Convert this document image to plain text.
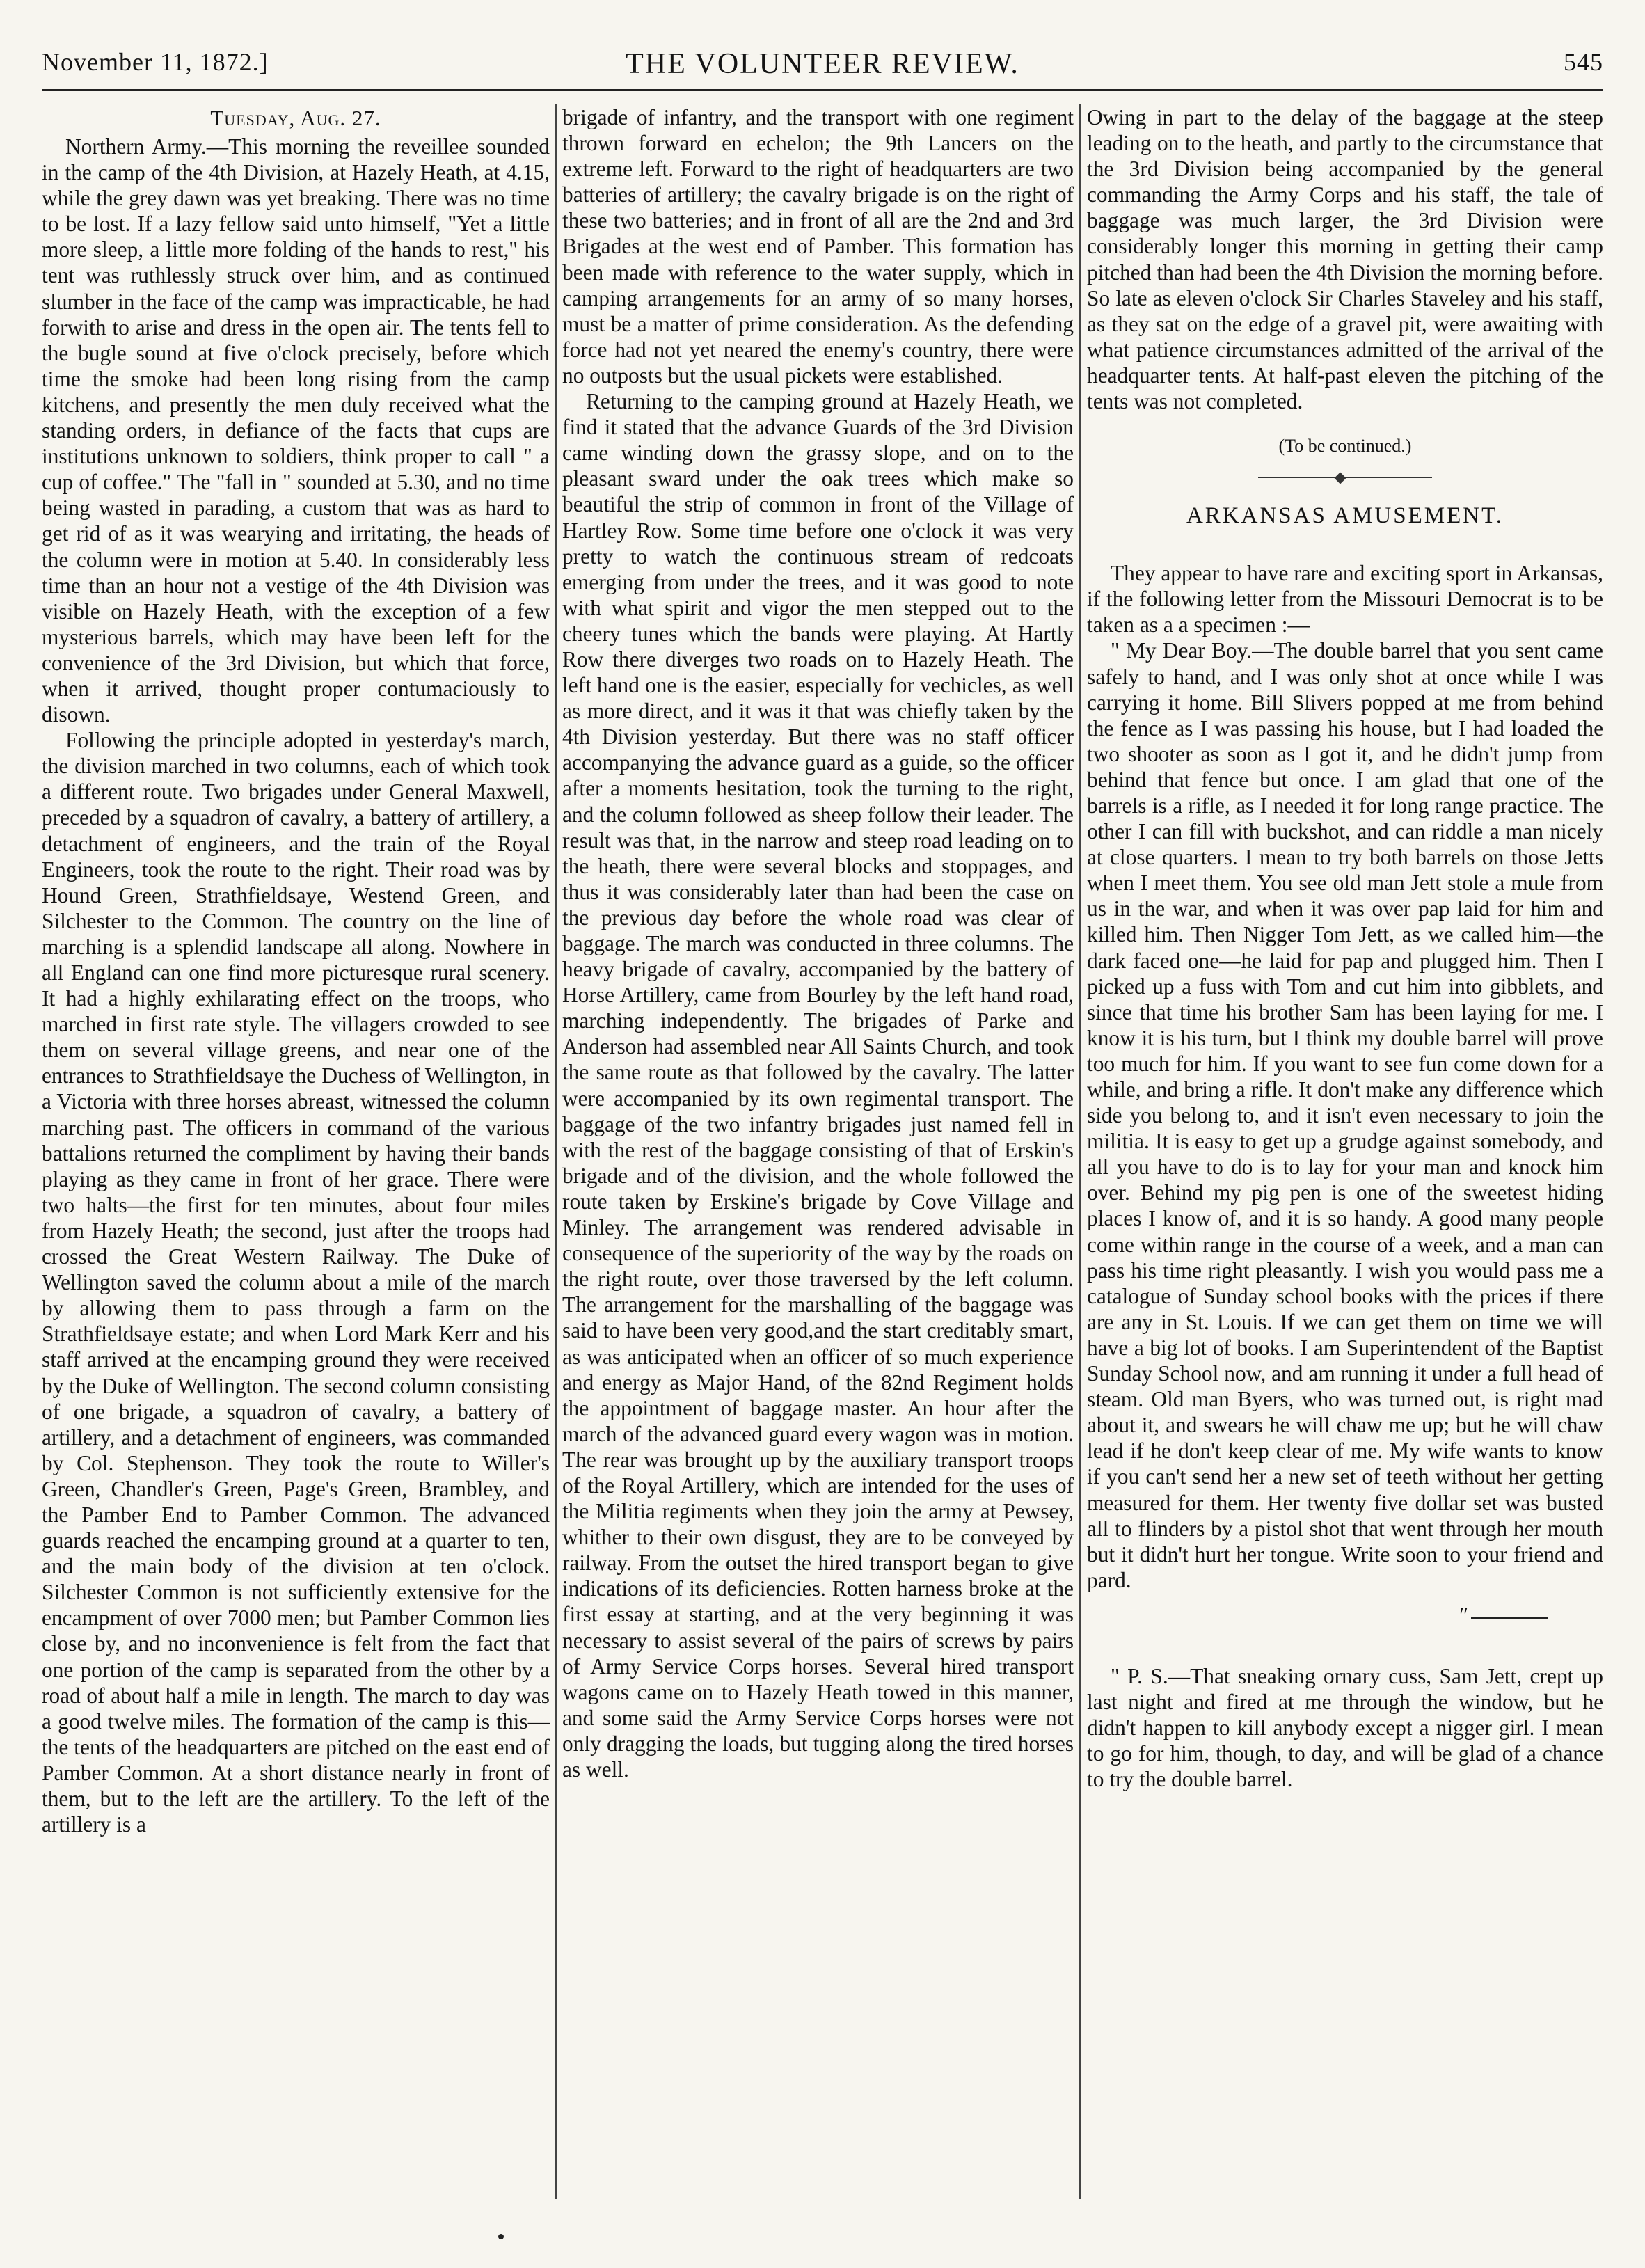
November 11, 1872.]	THE VOLUNTEER REVIEW.	545
Tuesday, Aug. 27.

Northern Army.—This morning the reveillee sounded in the camp of the 4th Division, at Hazely Heath, at 4.15, while the grey dawn was yet breaking. There was no time to be lost. If a lazy fellow said unto himself, "Yet a little more sleep, a little more folding of the hands to rest," his tent was ruthlessly struck over him, and as continued slumber in the face of the camp was impracticable, he had forwith to arise and dress in the open air. The tents fell to the bugle sound at five o'clock precisely, before which time the smoke had been long rising from the camp kitchens, and presently the men duly received what the standing orders, in defiance of the facts that cups are institutions unknown to soldiers, think proper to call " a cup of coffee." The "fall in " sounded at 5.30, and no time being wasted in parading, a custom that was as hard to get rid of as it was wearying and irritating, the heads of the column were in motion at 5.40. In considerably less time than an hour not a vestige of the 4th Division was visible on Hazely Heath, with the exception of a few mysterious barrels, which may have been left for the convenience of the 3rd Division, but which that force, when it arrived, thought proper contumaciously to disown.

Following the principle adopted in yesterday's march, the division marched in two columns, each of which took a different route. Two brigades under General Maxwell, preceded by a squadron of cavalry, a battery of artillery, a detachment of engineers, and the train of the Royal Engineers, took the route to the right. Their road was by Hound Green, Strathfieldsaye, Westend Green, and Silchester to the Common. The country on the line of marching is a splendid landscape all along. Nowhere in all England can one find more picturesque rural scenery. It had a highly exhilarating effect on the troops, who marched in first rate style. The villagers crowded to see them on several village greens, and near one of the entrances to Strathfieldsaye the Duchess of Wellington, in a Victoria with three horses abreast, witnessed the column marching past. The officers in command of the various battalions returned the compliment by having their bands playing as they came in front of her grace. There were two halts—the first for ten minutes, about four miles from Hazely Heath; the second, just after the troops had crossed the Great Western Railway. The Duke of Wellington saved the column about a mile of the march by allowing them to pass through a farm on the Strathfieldsaye estate; and when Lord Mark Kerr and his staff arrived at the encamping ground they were received by the Duke of Wellington. The second column consisting of one brigade, a squadron of cavalry, a battery of artillery, and a detachment of engineers, was commanded by Col. Stephenson. They took the route to Willer's Green, Chandler's Green, Page's Green, Brambley, and the Pamber End to Pamber Common. The advanced guards reached the encamping ground at a quarter to ten, and the main body of the division at ten o'clock. Silchester Common is not sufficiently extensive for the encampment of over 7000 men; but Pamber Common lies close by, and no inconvenience is felt from the fact that one portion of the camp is separated from the other by a road of about half a mile in length. The march to day was a good twelve miles. The formation of the camp is this—the tents of the headquarters are pitched on the east end of Pamber Common. At a short distance nearly in front of them, but to the left are the artillery. To the left of the artillery is a

brigade of infantry, and the transport with one regiment thrown forward en echelon; the 9th Lancers on the extreme left. Forward to the right of headquarters are two batteries of artillery; the cavalry brigade is on the right of these two batteries; and in front of all are the 2nd and 3rd Brigades at the west end of Pamber. This formation has been made with reference to the water supply, which in camping arrangements for an army of so many horses, must be a matter of prime consideration. As the defending force had not yet neared the enemy's country, there were no outposts but the usual pickets were established.

Returning to the camping ground at Hazely Heath, we find it stated that the advance Guards of the 3rd Division came winding down the grassy slope, and on to the pleasant sward under the oak trees which make so beautiful the strip of common in front of the Village of Hartley Row. Some time before one o'clock it was very pretty to watch the continuous stream of redcoats emerging from under the trees, and it was good to note with what spirit and vigor the men stepped out to the cheery tunes which the bands were playing. At Hartly Row there diverges two roads on to Hazely Heath. The left hand one is the easier, especially for vechicles, as well as more direct, and it was it that was chiefly taken by the 4th Division yesterday. But there was no staff officer accompanying the advance guard as a guide, so the officer after a moments hesitation, took the turning to the right, and the column followed as sheep follow their leader. The result was that, in the narrow and steep road leading on to the heath, there were several blocks and stoppages, and thus it was considerably later than had been the case on the previous day before the whole road was clear of baggage. The march was conducted in three columns. The heavy brigade of cavalry, accompanied by the battery of Horse Artillery, came from Bourley by the left hand road, marching independently. The brigades of Parke and Anderson had assembled near All Saints Church, and took the same route as that followed by the cavalry. The latter were accompanied by its own regimental transport. The baggage of the two infantry brigades just named fell in with the rest of the baggage consisting of that of Erskin's brigade and of the division, and the whole followed the route taken by Erskine's brigade by Cove Village and Minley. The arrangement was rendered advisable in consequence of the superiority of the way by the roads on the right route, over those traversed by the left column. The arrangement for the marshalling of the baggage was said to have been very good,and the start creditably smart, as was anticipated when an officer of so much experience and energy as Major Hand, of the 82nd Regiment holds the appointment of baggage master. An hour after the march of the advanced guard every wagon was in motion. The rear was brought up by the auxiliary transport troops of the Royal Artillery, which are intended for the uses of the Militia regiments when they join the army at Pewsey, whither to their own disgust, they are to be conveyed by railway. From the outset the hired transport began to give indications of its deficiencies. Rotten harness broke at the first essay at starting, and at the very beginning it was necessary to assist several of the pairs of screws by pairs of Army Service Corps horses. Several hired transport wagons came on to Hazely Heath towed in this manner, and some said the Army Service Corps horses were not only dragging the loads, but tugging along the tired horses as well.

Owing in part to the delay of the baggage at the steep leading on to the heath, and partly to the circumstance that the 3rd Division being accompanied by the general commanding the Army Corps and his staff, the tale of baggage was much larger, the 3rd Division were considerably longer this morning in getting their camp pitched than had been the 4th Division the morning before. So late as eleven o'clock Sir Charles Staveley and his staff, as they sat on the edge of a gravel pit, were awaiting with what patience circumstances admitted of the arrival of the headquarter tents. At half-past eleven the pitching of the tents was not completed.

(To be continued.)
ARKANSAS AMUSEMENT.

They appear to have rare and exciting sport in Arkansas, if the following letter from the Missouri Democrat is to be taken as a a specimen :—

" My Dear Boy.—The double barrel that you sent came safely to hand, and I was only shot at once while I was carrying it home. Bill Slivers popped at me from behind the fence as I was passing his house, but I had loaded the two shooter as soon as I got it, and he didn't jump from behind that fence but once. I am glad that one of the barrels is a rifle, as I needed it for long range practice. The other I can fill with buckshot, and can riddle a man nicely at close quarters. I mean to try both barrels on those Jetts when I meet them. You see old man Jett stole a mule from us in the war, and when it was over pap laid for him and killed him. Then Nigger Tom Jett, as we called him—the dark faced one—he laid for pap and plugged him. Then I picked up a fuss with Tom and cut him into gibblets, and since that time his brother Sam has been laying for me. I know it is his turn, but I think my double barrel will prove too much for him. If you want to see fun come down for a while, and bring a rifle. It don't make any difference which side you belong to, and it isn't even necessary to join the militia. It is easy to get up a grudge against somebody, and all you have to do is to lay for your man and knock him over. Behind my pig pen is one of the sweetest hiding places I know of, and it is so handy. A good many people come within range in the course of a week, and a man can pass his time right pleasantly. I wish you would pass me a catalogue of Sunday school books with the prices if there are any in St. Louis. If we can get them on time we will have a big lot of books. I am Superintendent of the Baptist Sunday School now, and am running it under a full head of steam. Old man Byers, who was turned out, is right mad about it, and swears he will chaw me up; but he will chaw lead if he don't keep clear of me. My wife wants to know if you can't send her a new set of teeth without her getting measured for them. Her twenty five dollar set was busted all to flinders by a pistol shot that went through her mouth but it didn't hurt her tongue. Write soon to your friend and pard.

"

" P. S.—That sneaking ornary cuss, Sam Jett, crept up last night and fired at me through the window, but he didn't happen to kill anybody except a nigger girl. I mean to go for him, though, to day, and will be glad of a chance to try the double barrel.
